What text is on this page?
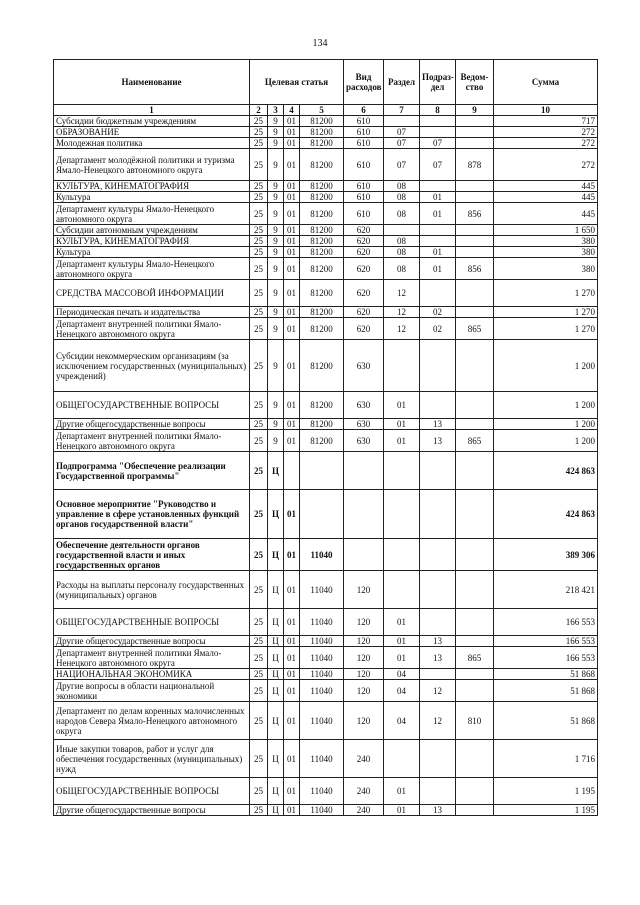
134
Наименование	Целевая статья				Вид расходов	Раздел	Подраз-дел	Ведом-ство	Сумма
1	2	3	4	5	6	7	8	9	10
Субсидии бюджетным учреждениям	25	9	01	81200	610				717
ОБРАЗОВАНИЕ	25	9	01	81200	610	07			272
Молодежная политика	25	9	01	81200	610	07	07		272
Департамент молодёжной политики и туризма Ямало-Ненецкого автономного округа	25	9	01	81200	610	07	07	878	272
КУЛЬТУРА, КИНЕМАТОГРАФИЯ	25	9	01	81200	610	08			445
Культура	25	9	01	81200	610	08	01		445
Департамент культуры Ямало-Ненецкого автономного округа	25	9	01	81200	610	08	01	856	445
Субсидии автономным учреждениям	25	9	01	81200	620				1 650
КУЛЬТУРА, КИНЕМАТОГРАФИЯ	25	9	01	81200	620	08			380
Культура	25	9	01	81200	620	08	01		380
Департамент культуры Ямало-Ненецкого автономного округа	25	9	01	81200	620	08	01	856	380
СРЕДСТВА МАССОВОЙ ИНФОРМАЦИИ	25	9	01	81200	620	12			1 270
Периодическая печать и издательства	25	9	01	81200	620	12	02		1 270
Департамент внутренней политики Ямало-Ненецкого автономного округа	25	9	01	81200	620	12	02	865	1 270
Субсидии некоммерческим организациям (за исключением государственных (муниципальных) учреждений)	25	9	01	81200	630				1 200
ОБЩЕГОСУДАРСТВЕННЫЕ ВОПРОСЫ	25	9	01	81200	630	01			1 200
Другие общегосударственные вопросы	25	9	01	81200	630	01	13		1 200
Департамент внутренней политики Ямало-Ненецкого автономного округа	25	9	01	81200	630	01	13	865	1 200
Подпрограмма "Обеспечение реализации Государственной программы"	25	Ц							424 863
Основное мероприятие "Руководство и управление в сфере установленных функций органов государственной власти"	25	Ц	01						424 863
Обеспечение деятельности органов государственной власти и иных государственных органов	25	Ц	01	11040					389 306
Расходы на выплаты персоналу государственных (муниципальных) органов	25	Ц	01	11040	120				218 421
ОБЩЕГОСУДАРСТВЕННЫЕ ВОПРОСЫ	25	Ц	01	11040	120	01			166 553
Другие общегосударственные вопросы	25	Ц	01	11040	120	01	13		166 553
Департамент внутренней политики Ямало-Ненецкого автономного округа	25	Ц	01	11040	120	01	13	865	166 553
НАЦИОНАЛЬНАЯ ЭКОНОМИКА	25	Ц	01	11040	120	04			51 868
Другие вопросы в области национальной экономики	25	Ц	01	11040	120	04	12		51 868
Департамент по делам коренных малочисленных народов Севера Ямало-Ненецкого автономного округа	25	Ц	01	11040	120	04	12	810	51 868
Иные закупки товаров, работ и услуг для обеспечения государственных (муниципальных) нужд	25	Ц	01	11040	240				1 716
ОБЩЕГОСУДАРСТВЕННЫЕ ВОПРОСЫ	25	Ц	01	11040	240	01			1 195
Другие общегосударственные вопросы	25	Ц	01	11040	240	01	13		1 195
